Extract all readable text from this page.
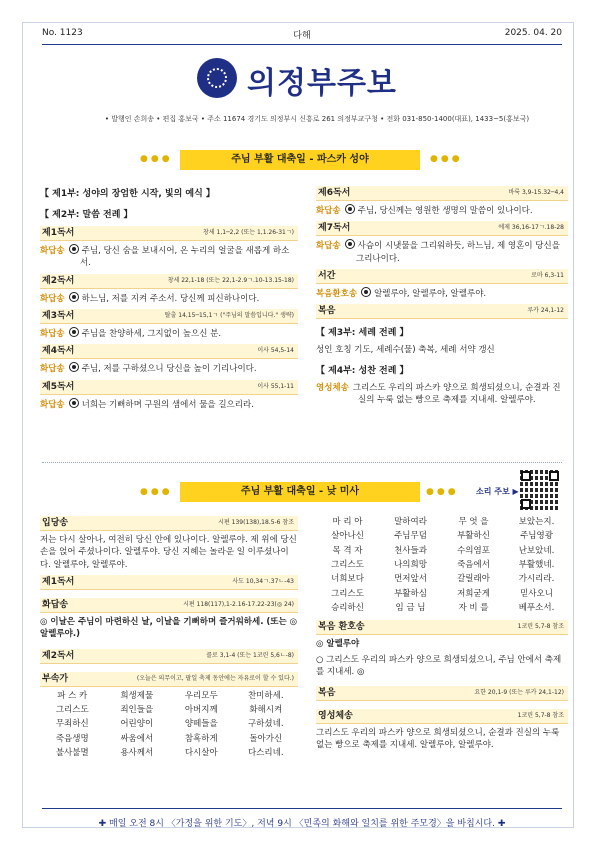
No. 1123	다해	2025. 04. 20
의정부주보
• 발행인 손희송 • 편집 홍보국 • 주소 11674 경기도 의정부시 신흥로 261 의정부교구청 • 전화 031-850-1400(대표), 1433~5(홍보국)
●●●	주님 부활 대축일 - 파스카 성야	●●●
【 제1부: 성야의 장엄한 시작, 빛의 예식 】
【 제2부: 말씀 전례 】
제1독서	창세 1,1─2,2 (또는 1,1.26-31ㄱ)
화답송 주님, 당신 숨을 보내시어, 온 누리의 얼굴을 새롭게 하소서.
제2독서	창세 22,1-18 (또는 22,1-2.9ㄱ.10-13.15-18)
화답송 하느님, 저를 지켜 주소서. 당신께 피신하나이다.
제3독서	탈출 14,15─15,1ㄱ ("주님의 말씀입니다." 생략)
화답송 주님을 찬양하세, 그지없이 높으신 분.
제4독서	이사 54,5-14
화답송 주님, 저를 구하셨으니 당신을 높이 기리나이다.
제5독서	이사 55,1-11
화답송 너희는 기뻐하며 구원의 샘에서 물을 길으리라.
제6독서	바룩 3,9-15.32─4,4
화답송 주님, 당신께는 영원한 생명의 말씀이 있나이다.
제7독서	에제 36,16-17ㄱ.18-28
화답송 사슴이 시냇물을 그리워하듯, 하느님, 제 영혼이 당신을 그리나이다.
서간	로마 6,3-11
복음환호송 알렐루야, 알렐루야, 알렐루야.
복음	루카 24,1-12
【 제3부: 세례 전례 】
성인 호칭 기도, 세례수(물) 축복, 세례 서약 갱신
【 제4부: 성찬 전례 】
영성체송 그리스도 우리의 파스카 양으로 희생되셨으니, 순결과 진실의 누룩 없는 빵으로 축제를 지내세. 알렐루야.
●●●	주님 부활 대축일 - 낮 미사	●●● 소리 주보 ▶
입당송	시편 139(138),18.5-6 참조
저는 다시 살아나, 여전히 당신 안에 있나이다. 알렐루야. 제 위에 당신 손을 얹어 주셨나이다. 알렐루야. 당신 지혜는 놀라운 일 이루셨나이다. 알렐루야, 알렐루야.
제1독서	사도 10,34ㄱ.37ㄴ-43
화답송	시편 118(117),1-2.16-17.22-23(◎ 24)
◎ 이날은 주님이 마련하신 날, 이날을 기뻐하며 즐거워하세. (또는 ◎ 알렐루야.)
제2독서	콜로 3,1-4 (또는 1코린 5,6ㄴ-8)
부속가	(오늘은 의무이고, 팔일 축제 동안에는 자유로이 할 수 있다.)
파 스 카	희생제물	우리모두	찬미하세.
그리스도	죄인들을	아버지께	화해시켜
무죄하신	어린양이	양떼들을	구하셨네.
죽음생명	싸움에서	참혹하게	돌아가신
불사불멸	용사께서	다시살아	다스리네.
마 리 아	말하여라	무 엇 을	보았는지.
살아나신	주님무덤	부활하신	주님영광
목 격 자	천사들과	수의염포	난보았네.
그리스도	나의희망	죽음에서	부활했네.
너희보다	먼저앞서	갈릴래아	가시리라.
그리스도	부활하심	저희굳게	믿사오니
승리하신	임 금 님	자 비 를	베푸소서.
복음 환호송	1코린 5,7-8 참조
◎ 알렐루야
○ 그리스도 우리의 파스카 양으로 희생되셨으니, 주님 안에서 축제를 지내세. ◎
복음	요한 20,1-9 (또는 루카 24,1-12)
영성체송	1코린 5,7-8 참조
그리스도 우리의 파스카 양으로 희생되셨으니, 순결과 진실의 누룩 없는 빵으로 축제를 지내세. 알렐루야, 알렐루야.
✚ 매일 오전 8시 〈가정을 위한 기도〉, 저녁 9시 〈민족의 화해와 일치를 위한 주모경〉을 바칩시다. ✚
